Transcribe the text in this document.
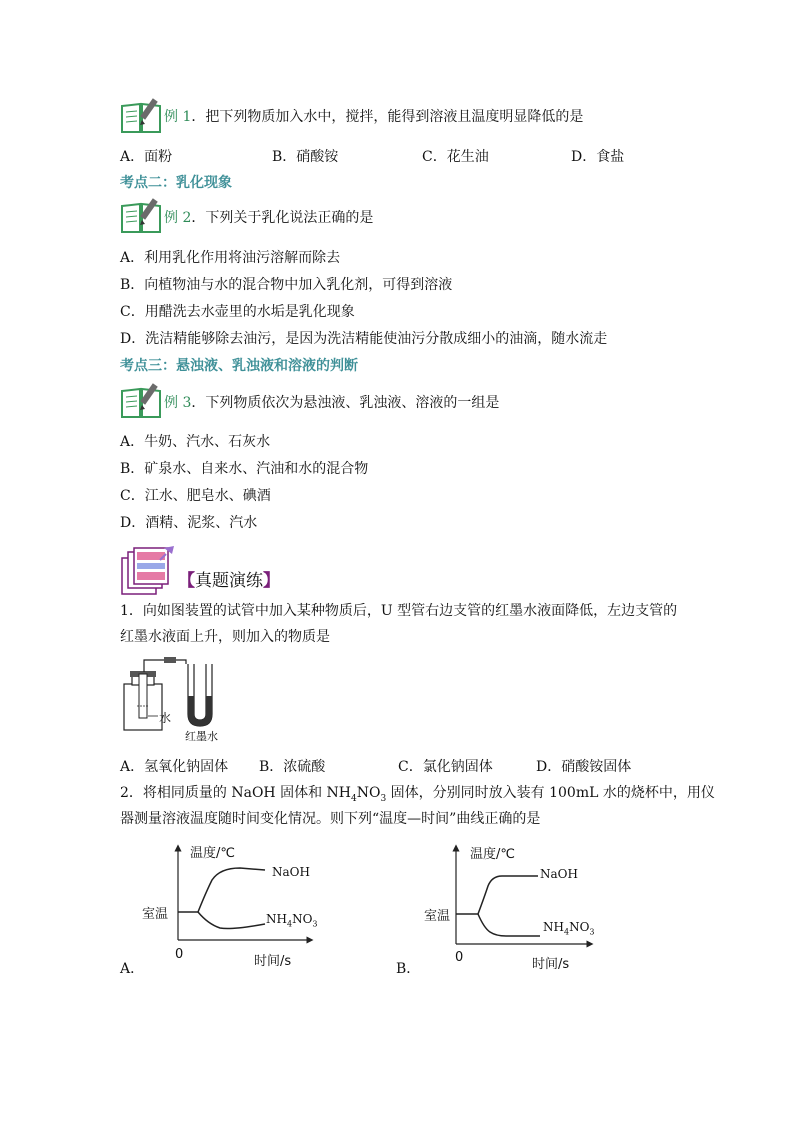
例 1．把下列物质加入水中，搅拌，能得到溶液且温度明显降低的是
A．面粉	B．硝酸铵	C．花生油	D．食盐
考点二：乳化现象
例 2．下列关于乳化说法正确的是
A．利用乳化作用将油污溶解而除去
B．向植物油与水的混合物中加入乳化剂，可得到溶液
C．用醋洗去水壶里的水垢是乳化现象
D．洗洁精能够除去油污，是因为洗洁精能使油污分散成细小的油滴，随水流走
考点三：悬浊液、乳浊液和溶液的判断
例 3．下列物质依次为悬浊液、乳浊液、溶液的一组是
A．牛奶、汽水、石灰水
B．矿泉水、自来水、汽油和水的混合物
C．江水、肥皂水、碘酒
D．酒精、泥浆、汽水
【真题演练】
1．向如图装置的试管中加入某种物质后，U 型管右边支管的红墨水液面降低，左边支管的
红墨水液面上升，则加入的物质是
水
红墨水
A．氢氧化钠固体 B．浓硫酸	C．氯化钠固体	D．硝酸铵固体
2．将相同质量的 NaOH 固体和 $NH_4NO_3$ 固体，分别同时放入装有 100mL 水的烧杯中，用仪
器测量溶液温度随时间变化情况。则下列“温度—时间”曲线正确的是
温度/℃
时间/s
0
室温
NaOH
$NH_4NO_3$
A．
温度/℃
时间/s
0
室温
NaOH
$NH_4NO_3$
B．
